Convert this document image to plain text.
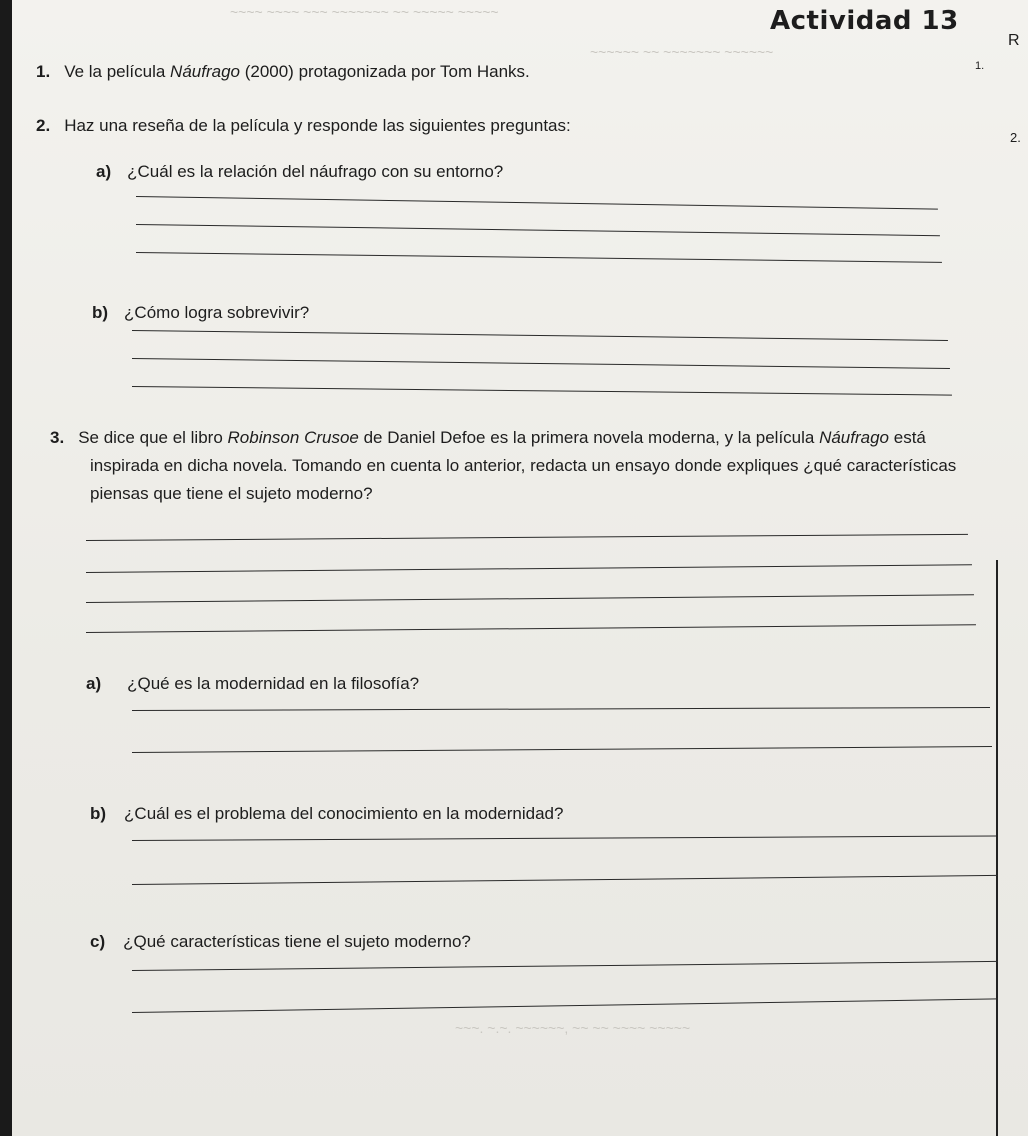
~~~~ ~~~~ ~~~ ~~~~~~~ ~~ ~~~~~ ~~~~~
~~~~~~ ~~ ~~~~~~~ ~~~~~~
~~~. ~.~. ~~~~~~, ~~ ~~ ~~~~ ~~~~~
Actividad 13
R
1.
2.
1. Ve la película Náufrago (2000) protagonizada por Tom Hanks.
2. Haz una reseña de la película y responde las siguientes preguntas:
a) ¿Cuál es la relación del náufrago con su entorno?
b) ¿Cómo logra sobrevivir?
3. Se dice que el libro Robinson Crusoe de Daniel Defoe es la primera novela moderna, y la película Náufrago está inspirada en dicha novela. Tomando en cuenta lo anterior, redacta un ensayo donde expliques ¿qué características piensas que tiene el sujeto moderno?
a) ¿Qué es la modernidad en la filosofía?
b) ¿Cuál es el problema del conocimiento en la modernidad?
c) ¿Qué características tiene el sujeto moderno?
